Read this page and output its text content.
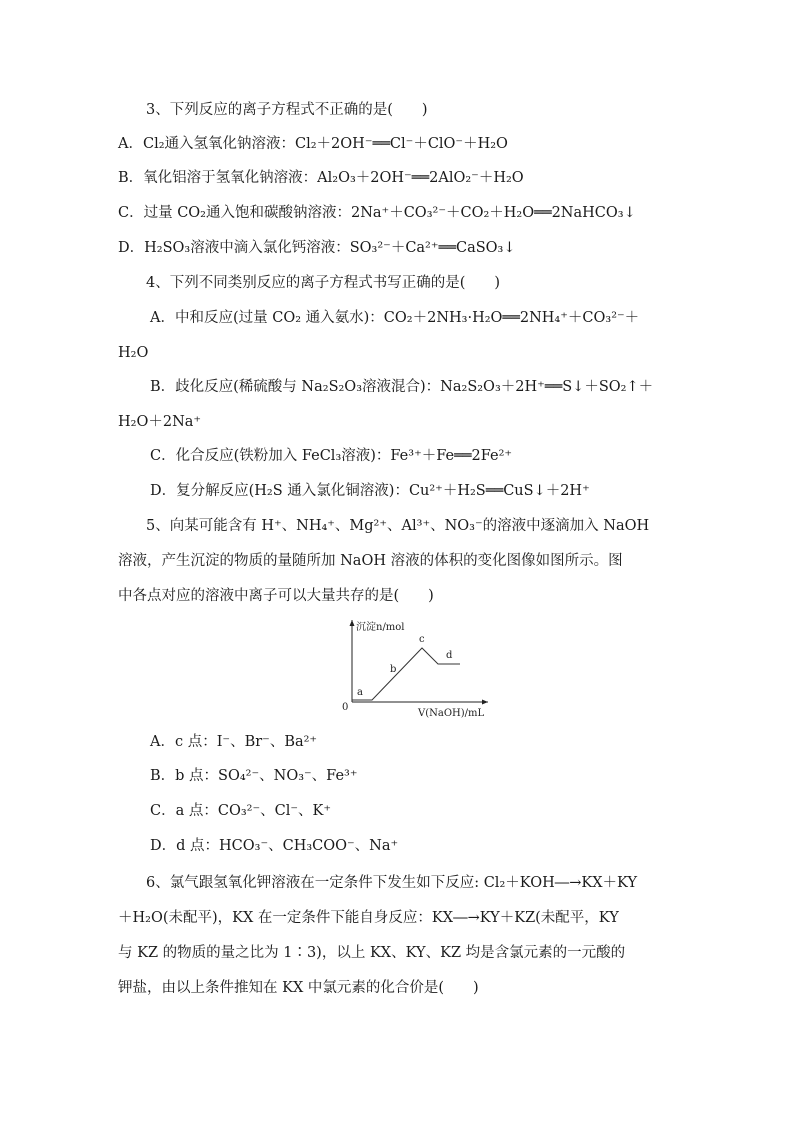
3、下列反应的离子方程式不正确的是(　　)
A．Cl₂通入氢氧化钠溶液：Cl₂＋2OH⁻══Cl⁻＋ClO⁻＋H₂O
B．氧化铝溶于氢氧化钠溶液：Al₂O₃＋2OH⁻══2AlO₂⁻＋H₂O
C．过量 CO₂通入饱和碳酸钠溶液：2Na⁺＋CO₃²⁻＋CO₂＋H₂O══2NaHCO₃↓
D．H₂SO₃溶液中滴入氯化钙溶液：SO₃²⁻＋Ca²⁺══CaSO₃↓
4、下列不同类别反应的离子方程式书写正确的是(　　)
A．中和反应(过量 CO₂ 通入氨水)：CO₂＋2NH₃·H₂O══2NH₄⁺＋CO₃²⁻＋
H₂O
B．歧化反应(稀硫酸与 Na₂S₂O₃溶液混合)：Na₂S₂O₃＋2H⁺══S↓＋SO₂↑＋
H₂O＋2Na⁺
C．化合反应(铁粉加入 FeCl₃溶液)：Fe³⁺＋Fe══2Fe²⁺
D．复分解反应(H₂S 通入氯化铜溶液)：Cu²⁺＋H₂S══CuS↓＋2H⁺
5、向某可能含有 H⁺、NH₄⁺、Mg²⁺、Al³⁺、NO₃⁻的溶液中逐滴加入 NaOH
溶液，产生沉淀的物质的量随所加 NaOH 溶液的体积的变化图像如图所示。图
中各点对应的溶液中离子可以大量共存的是(　　)
沉淀n/mol
V(NaOH)/mL
0
a
b
c
d
A．c 点：I⁻、Br⁻、Ba²⁺
B．b 点：SO₄²⁻、NO₃⁻、Fe³⁺
C．a 点：CO₃²⁻、Cl⁻、K⁺
D．d 点：HCO₃⁻、CH₃COO⁻、Na⁺
6、氯气跟氢氧化钾溶液在一定条件下发生如下反应: Cl₂＋KOH―→KX＋KY
＋H₂O(未配平)，KX 在一定条件下能自身反应：KX―→KY＋KZ(未配平，KY
与 KZ 的物质的量之比为 1∶3)，以上 KX、KY、KZ 均是含氯元素的一元酸的
钾盐，由以上条件推知在 KX 中氯元素的化合价是(　　)
